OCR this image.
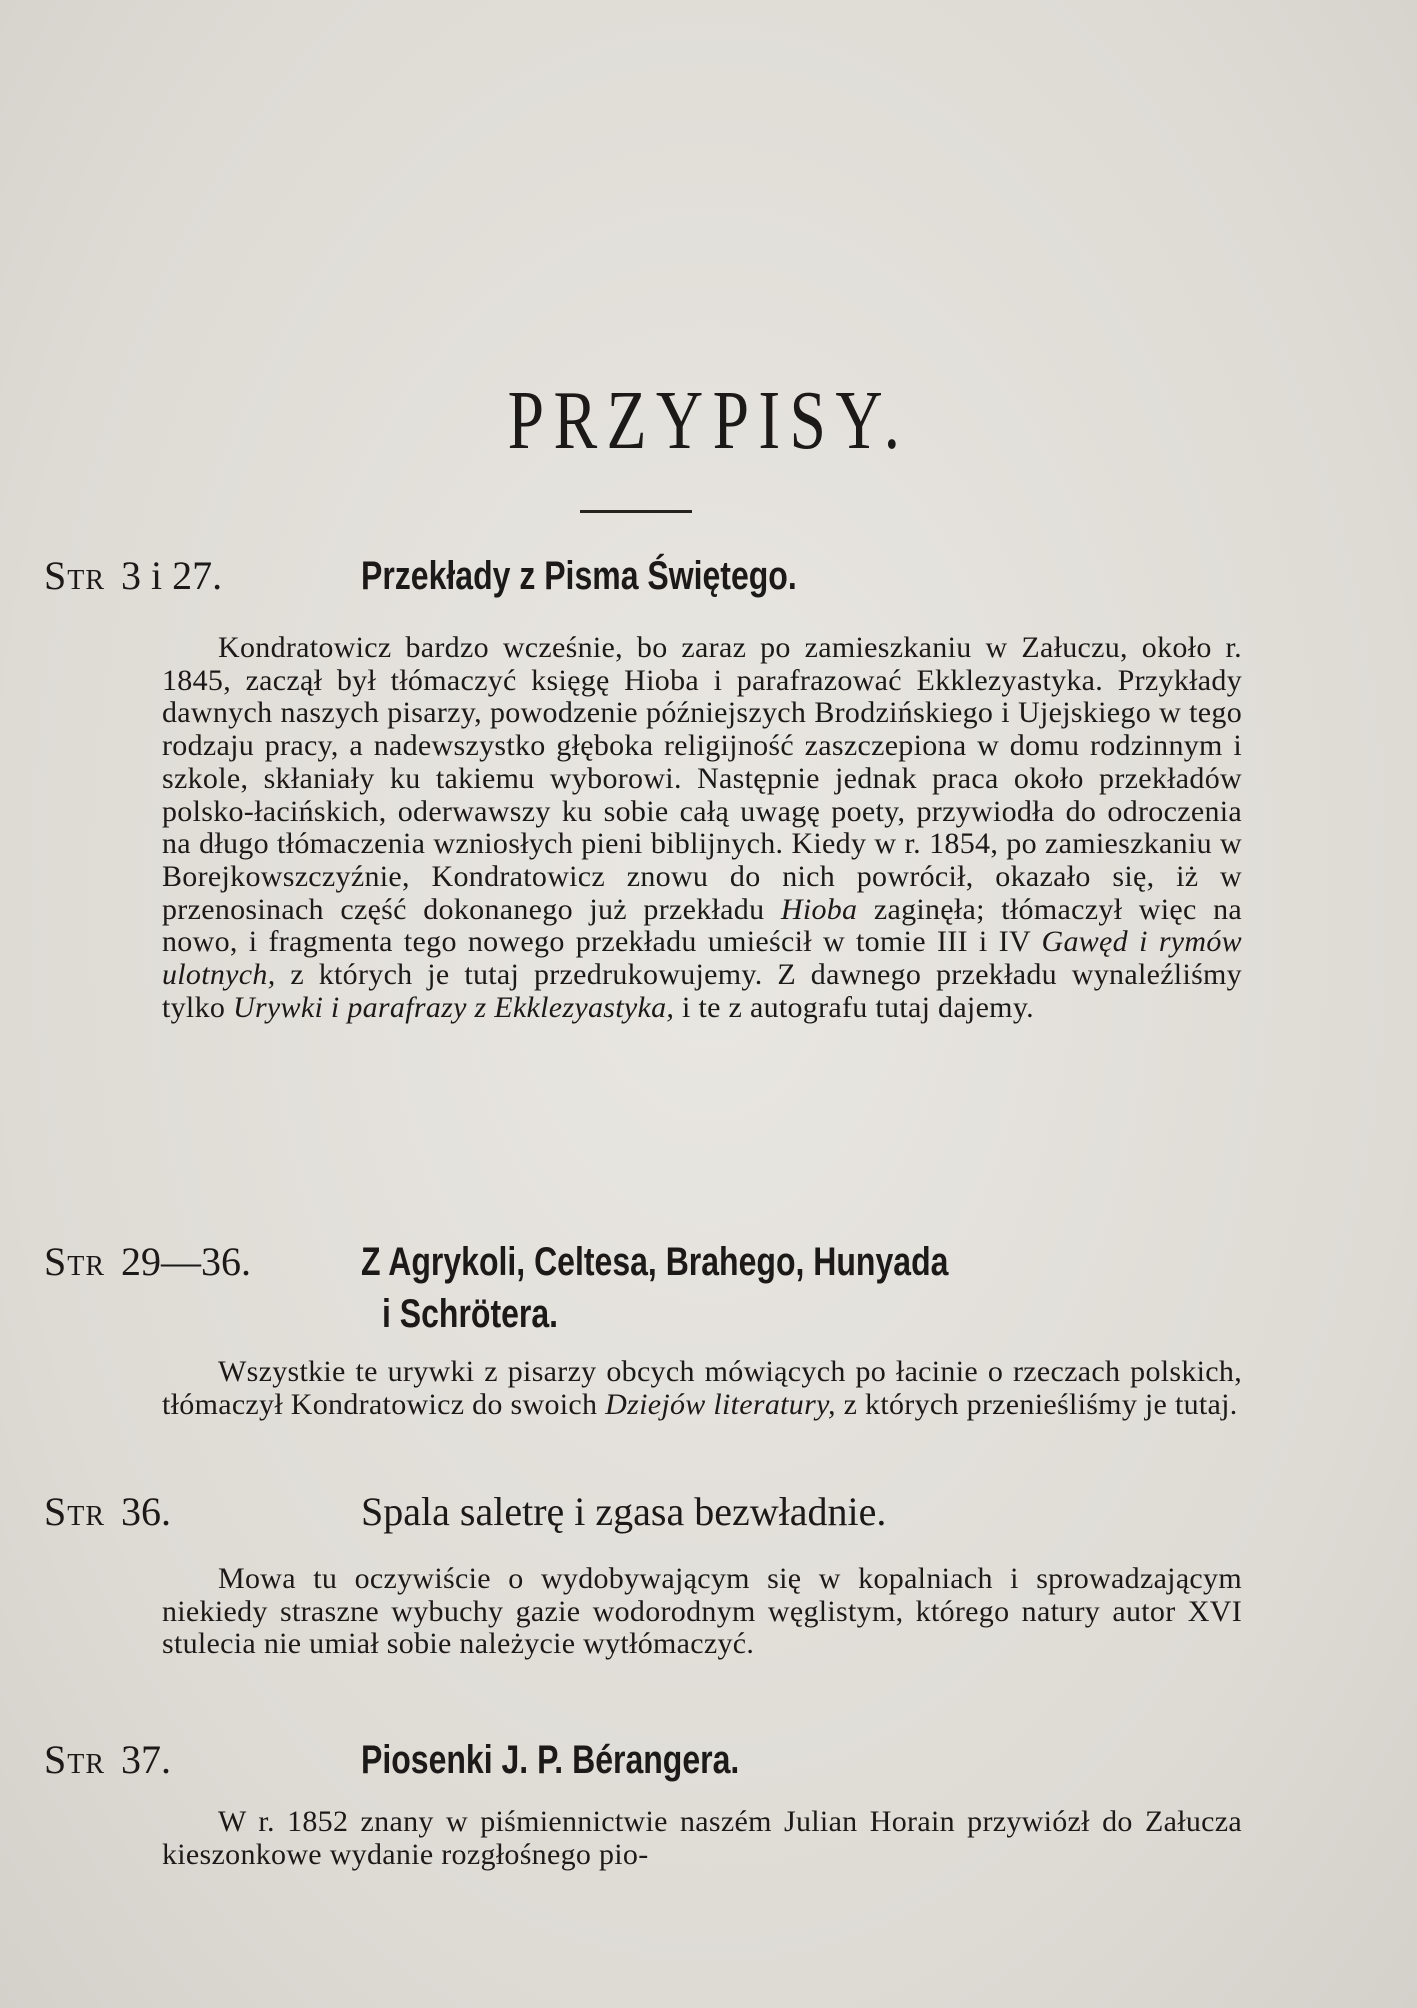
PRZYPISY.
Str 3 i 27.	Przekłady z Pisma Świętego.
Kondratowicz bardzo wcześnie, bo zaraz po zamieszkaniu w Załuczu, około r. 1845, zaczął był tłómaczyć księgę Hioba i parafrazować Ekklezyastyka. Przykłady dawnych naszych pisarzy, powodzenie późniejszych Brodzińskiego i Ujejskiego w tego rodzaju pracy, a nadewszystko głęboka religijność zaszczepiona w domu rodzinnym i szkole, skłaniały ku takiemu wyborowi. Następnie jednak praca około przekładów polsko-łacińskich, oderwawszy ku sobie całą uwagę poety, przywiodła do odroczenia na długo tłómaczenia wzniosłych pieni biblijnych. Kiedy w r. 1854, po zamieszkaniu w Borejkowszczyźnie, Kondratowicz znowu do nich powrócił, okazało się, iż w przenosinach część dokonanego już przekładu Hioba zaginęła; tłómaczył więc na nowo, i fragmenta tego nowego przekładu umieścił w tomie III i IV Gawęd i rymów ulotnych, z których je tutaj przedrukowujemy. Z dawnego przekładu wynaleźliśmy tylko Urywki i parafrazy z Ekklezyastyka, i te z autografu tutaj dajemy.
Str 29—36.	Z Agrykoli, Celtesa, Brahego, Hunyada
i Schrötera.
Wszystkie te urywki z pisarzy obcych mówiących po łacinie o rzeczach polskich, tłómaczył Kondratowicz do swoich Dziejów literatury, z których przenieśliśmy je tutaj.
Str 36.	Spala saletrę i zgasa bezwładnie.
Mowa tu oczywiście o wydobywającym się w kopalniach i sprowadzającym niekiedy straszne wybuchy gazie wodorodnym węglistym, którego natury autor XVI stulecia nie umiał sobie należycie wytłómaczyć.
Str 37.	Piosenki J. P. Bérangera.
W r. 1852 znany w piśmiennictwie naszém Julian Horain przywiózł do Załucza kieszonkowe wydanie rozgłośnego pio-
